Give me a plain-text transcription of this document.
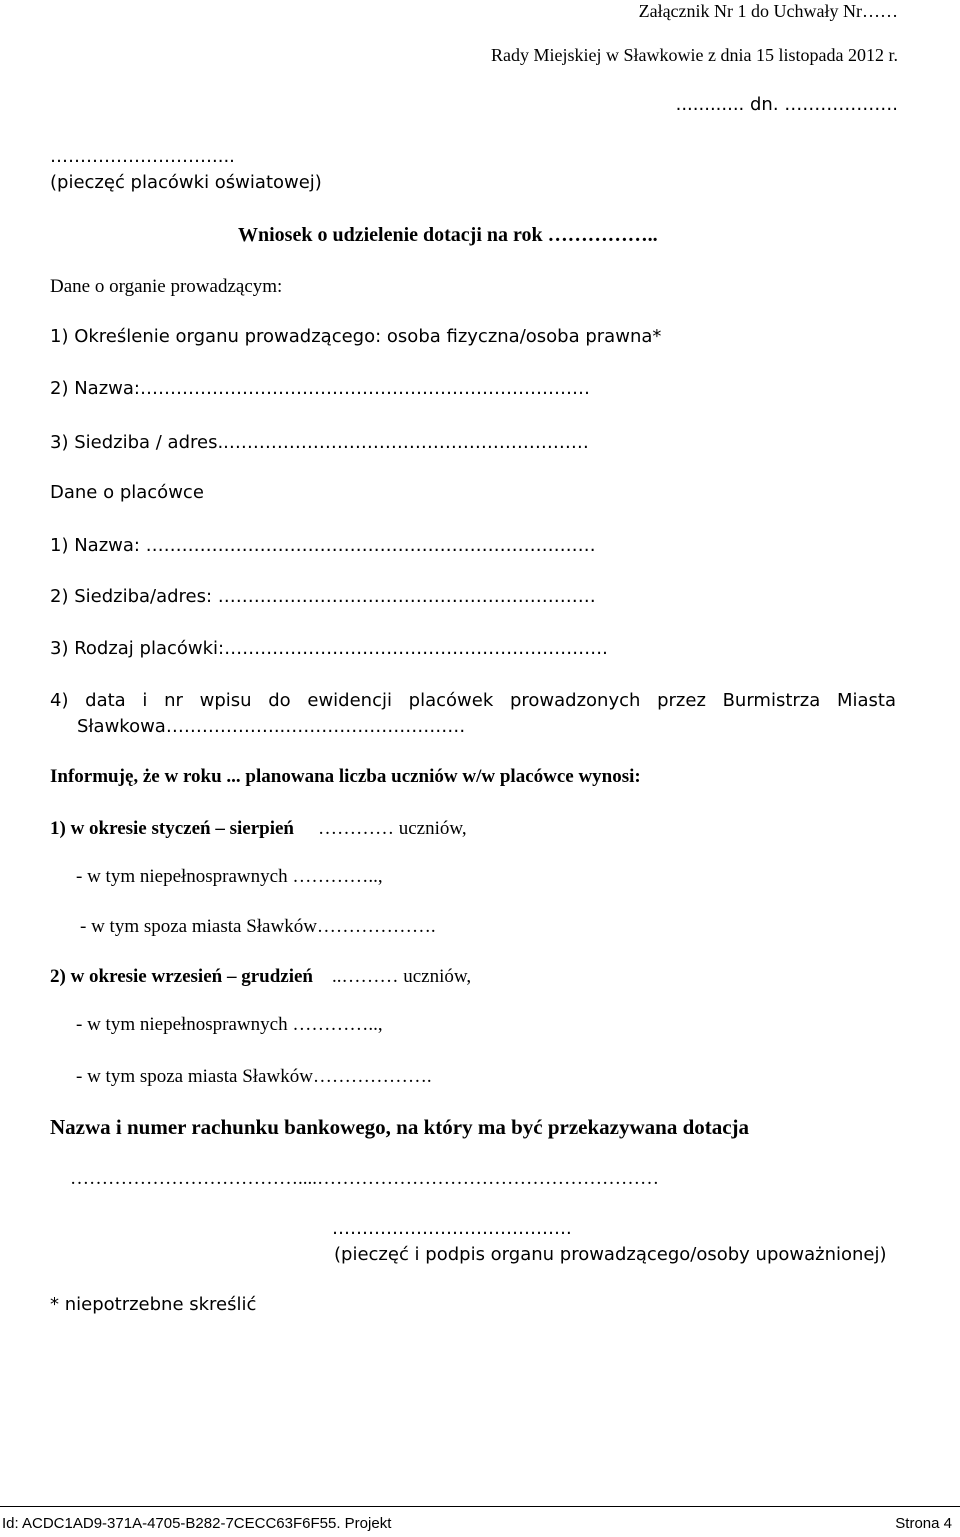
Załącznik Nr 1 do Uchwały Nr……
Rady Miejskiej w Sławkowie z dnia 15 listopada 2012 r.
............ dn. ……………….
………………………....
(pieczęć placówki oświatowej)
Wniosek o udzielenie dotacji na rok ……………..
Dane o organie prowadzącym:
1) Określenie organu prowadzącego: osoba fizyczna/osoba prawna*
2) Nazwa:…………………………………………………………………
3) Siedziba / adres..……………………………………………………
Dane o placówce
1) Nazwa: …………………………………………………………………
2) Siedziba/adres: ………………………………………………………
3) Rodzaj placówki:……………………………………………………….
4) data i nr wpisu do ewidencji placówek prowadzonych przez Burmistrza Miasta
Sławkowa………………..…………………………
Informuję, że w roku ... planowana liczba uczniów w/w placówce wynosi:
1) w okresie styczeń – sierpień ………… uczniów,
- w tym niepełnosprawnych …………..,
- w tym spoza miasta Sławków……………….
2) w okresie wrzesień – grudzień ..……… uczniów,
- w tym niepełnosprawnych …………..,
- w tym spoza miasta Sławków……………….
Nazwa i numer rachunku bankowego, na który ma być przekazywana dotacja
………………………………....………………………………………………
………………………………….
(pieczęć i podpis organu prowadzącego/osoby upoważnionej)
* niepotrzebne skreślić
Id: ACDC1AD9-371A-4705-B282-7CECC63F6F55. Projekt	Strona 4
